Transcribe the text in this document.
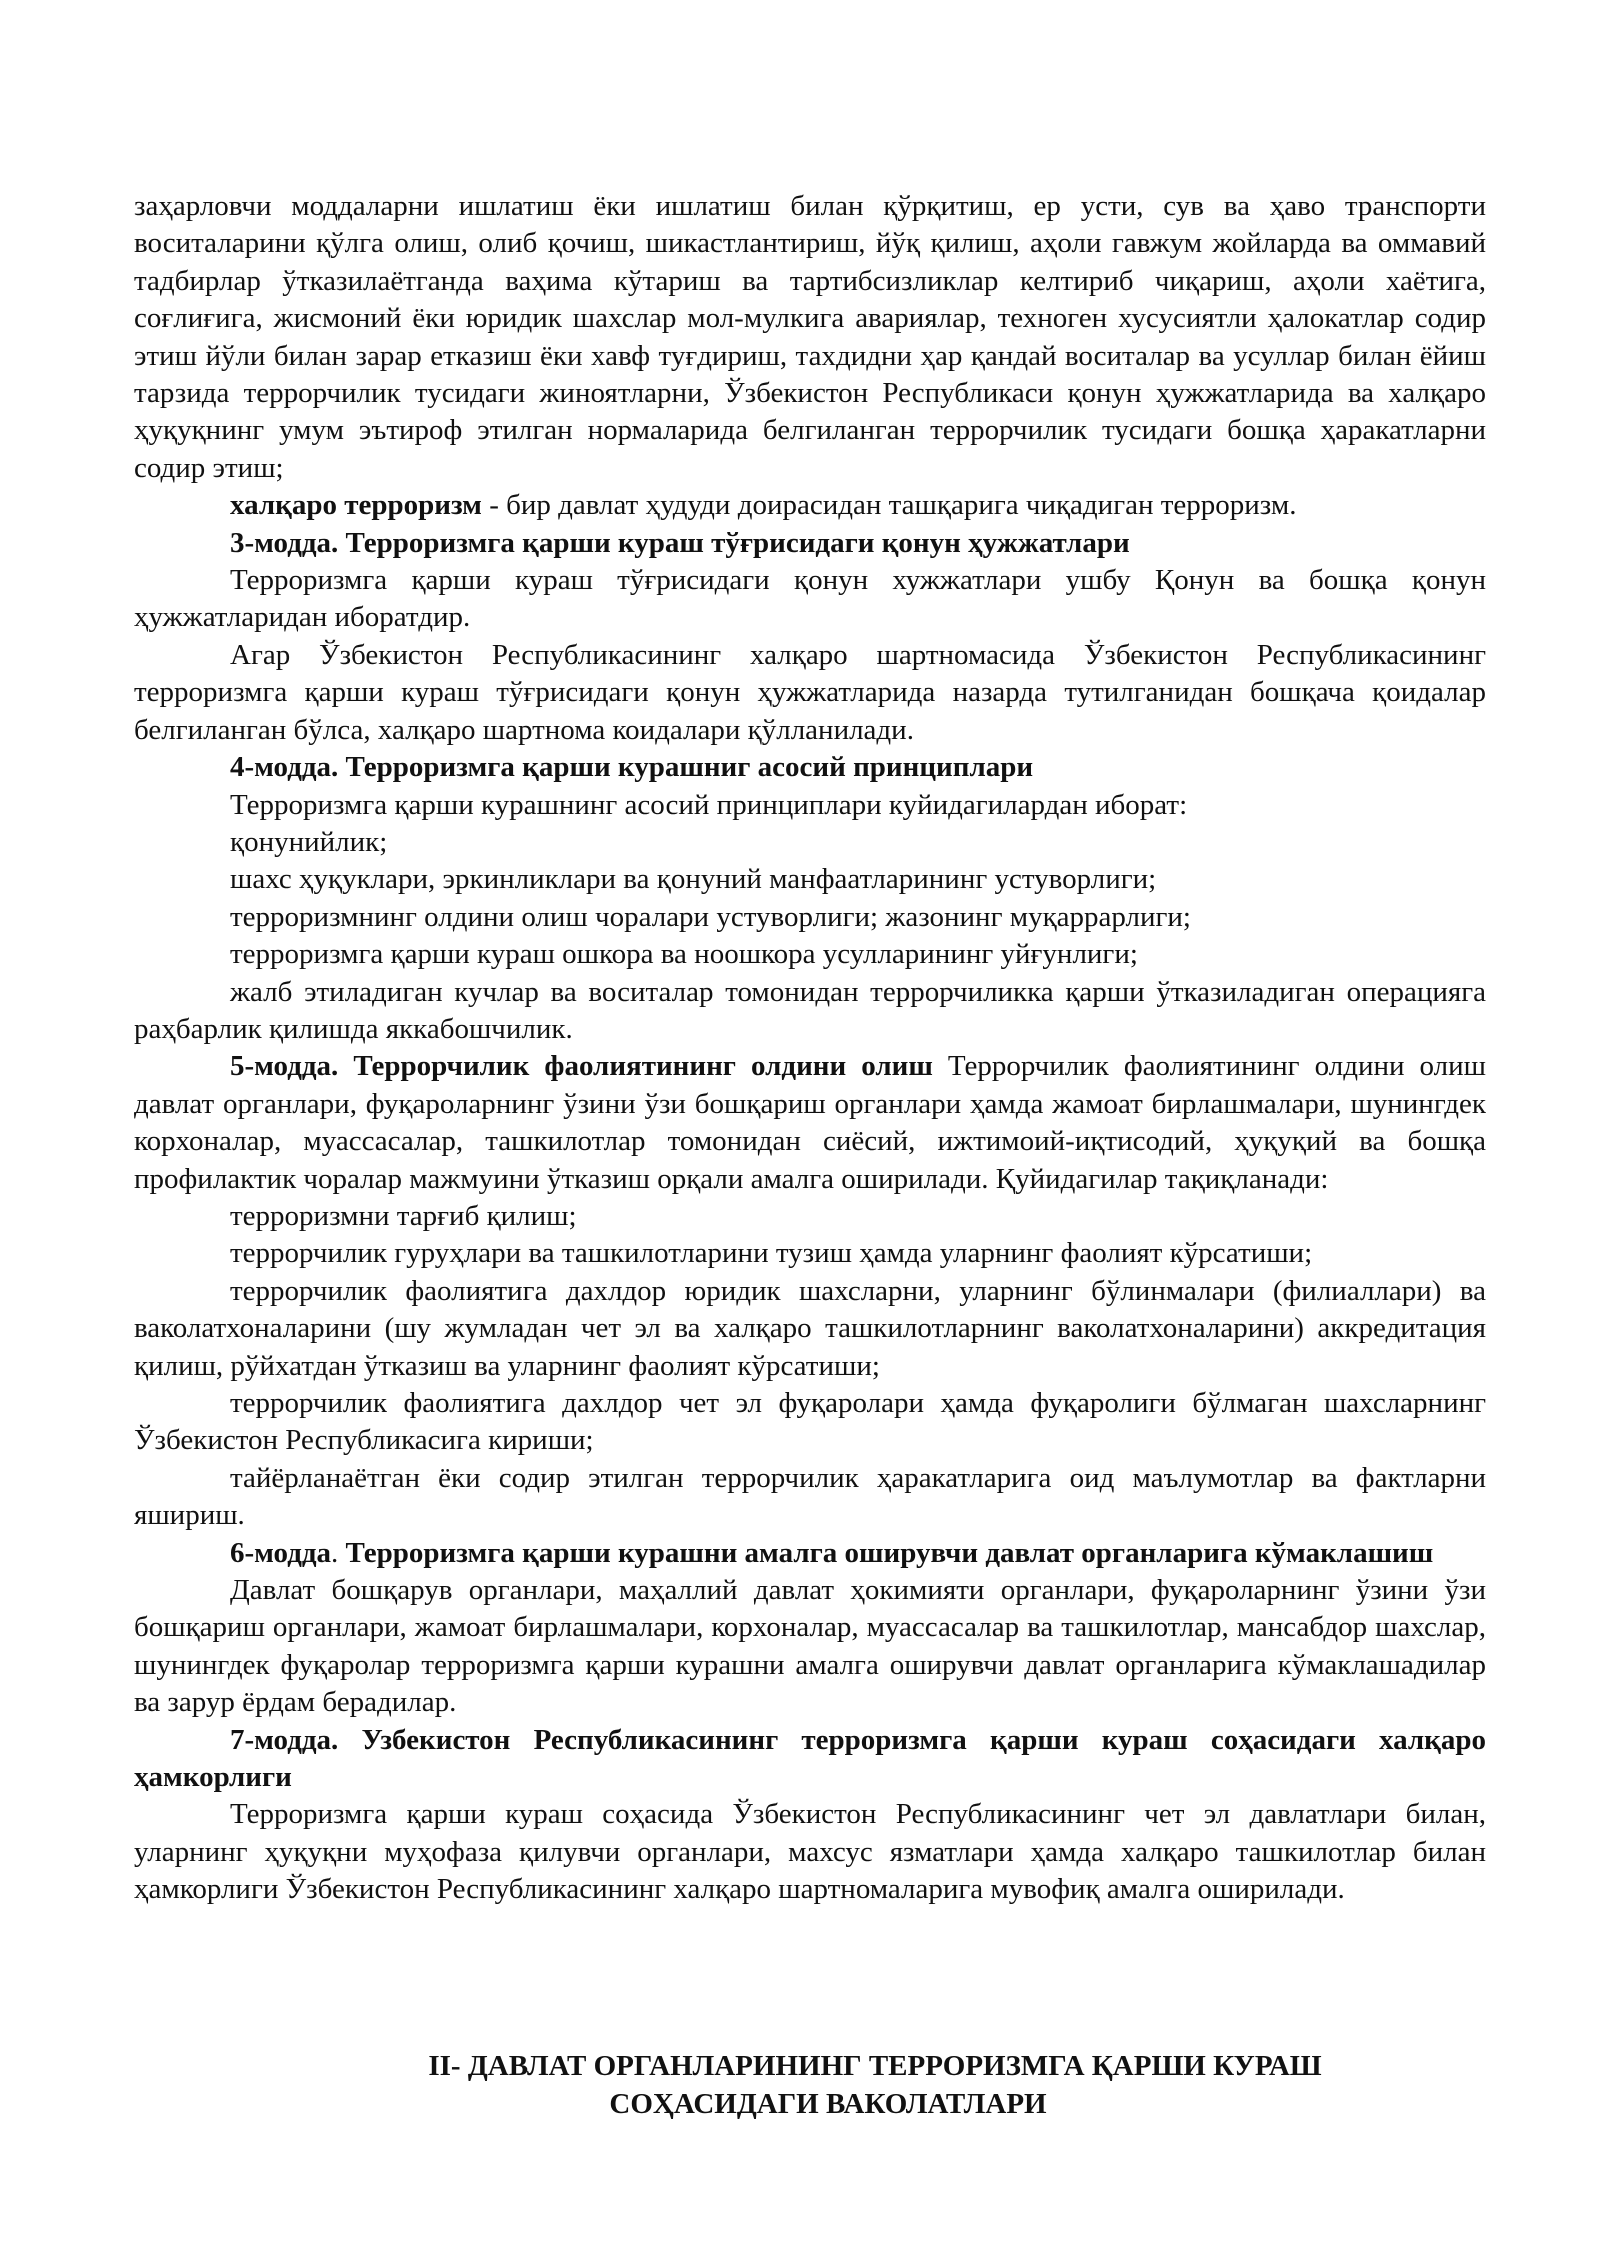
заҳарловчи моддаларни ишлатиш ёки ишлатиш билан қўрқитиш, ер усти, сув ва ҳаво транспорти воситаларини қўлга олиш, олиб қочиш, шикастлантириш, йўқ қилиш, аҳоли гавжум жойларда ва оммавий тадбирлар ўтказилаётганда ваҳима кўтариш ва тартибсизликлар келтириб чиқариш, аҳоли хаётига, соғлиғига, жисмоний ёки юридик шахслар мол-мулкига авариялар, техноген хусусиятли ҳалокатлар содир этиш йўли билан зарар етказиш ёки хавф туғдириш, тахдидни ҳар қандай воситалар ва усуллар билан ёйиш тарзида террорчилик тусидаги жиноятларни, Ўзбекистон Республикаси қонун ҳужжатларида ва халқаро ҳуқуқнинг умум эътироф этилган нормаларида белгиланган террорчилик тусидаги бошқа ҳаракатларни содир этиш;

халқаро терроризм - бир давлат ҳудуди доирасидан ташқарига чиқадиган терроризм.

3-модда. Терроризмга қарши кураш тўғрисидаги қонун ҳужжатлари

Терроризмга қарши кураш тўғрисидаги қонун хужжатлари ушбу Қонун ва бошқа қонун ҳужжатларидан иборатдир.

Агар Ўзбекистон Республикасининг халқаро шартномасида Ўзбекистон Республикасининг терроризмга қарши кураш тўғрисидаги қонун ҳужжатларида назарда тутилганидан бошқача қоидалар белгиланган бўлса, халқаро шартнома коидалари қўлланилади.

4-модда. Терроризмга қарши курашниг асосий принциплари

Терроризмга қарши курашнинг асосий принциплари куйидагилардан иборат:

қонунийлик;

шахс ҳуқуклари, эркинликлари ва қонуний манфаатларининг устуворлиги;

терроризмнинг олдини олиш чоралари устуворлиги; жазонинг муқаррарлиги;

терроризмга қарши кураш ошкора ва ноошкора усулларининг уйғунлиги;

жалб этиладиган кучлар ва воситалар томонидан террорчиликка қарши ўтказиладиган операцияга раҳбарлик қилишда яккабошчилик.

5-модда. Террорчилик фаолиятининг олдини олиш Террорчилик фаолиятининг олдини олиш давлат органлари, фуқароларнинг ўзини ўзи бошқариш органлари ҳамда жамоат бирлашмалари, шунингдек корхоналар, муассасалар, ташкилотлар томонидан сиёсий, ижтимоий-иқтисодий, ҳуқуқий ва бошқа профилактик чоралар мажмуини ўтказиш орқали амалга оширилади. Қуйидагилар тақиқланади:

терроризмни тарғиб қилиш;

террорчилик гуруҳлари ва ташкилотларини тузиш ҳамда уларнинг фаолият кўрсатиши;

террорчилик фаолиятига дахлдор юридик шахсларни, уларнинг бўлинмалари (филиаллари) ва ваколатхоналарини (шу жумладан чет эл ва халқаро ташкилотларнинг ваколатхоналарини) аккредитация қилиш, рўйхатдан ўтказиш ва уларнинг фаолият кўрсатиши;

террорчилик фаолиятига дахлдор чет эл фуқаролари ҳамда фуқаролиги бўлмаган шахсларнинг Ўзбекистон Республикасига кириши;

тайёрланаётган ёки содир этилган террорчилик ҳаракатларига оид маълумотлар ва фактларни яшириш.

6-модда. Терроризмга қарши курашни амалга оширувчи давлат органларига кўмаклашиш

Давлат бошқарув органлари, маҳаллий давлат ҳокимияти органлари, фуқароларнинг ўзини ўзи бошқариш органлари, жамоат бирлашмалари, корхоналар, муассасалар ва ташкилотлар, мансабдор шахслар, шунингдек фуқаролар терроризмга қарши курашни амалга оширувчи давлат органларига кўмаклашадилар ва зарур ёрдам берадилар.

7-модда. Узбекистон Республикасининг терроризмга қарши кураш соҳасидаги халқаро ҳамкорлиги

Терроризмга қарши кураш соҳасида Ўзбекистон Республикасининг чет эл давлатлари билан, уларнинг ҳуқуқни муҳофаза қилувчи органлари, махсус язматлари ҳамда халқаро ташкилотлар билан ҳамкорлиги Ўзбекистон Республикасининг халқаро шартномаларига мувофиқ амалга оширилади.

II- ДАВЛАТ ОРГАНЛАРИНИНГ ТЕРРОРИЗМГА ҚАРШИ КУРАШ
СОҲАСИДАГИ ВАКОЛАТЛАРИ
